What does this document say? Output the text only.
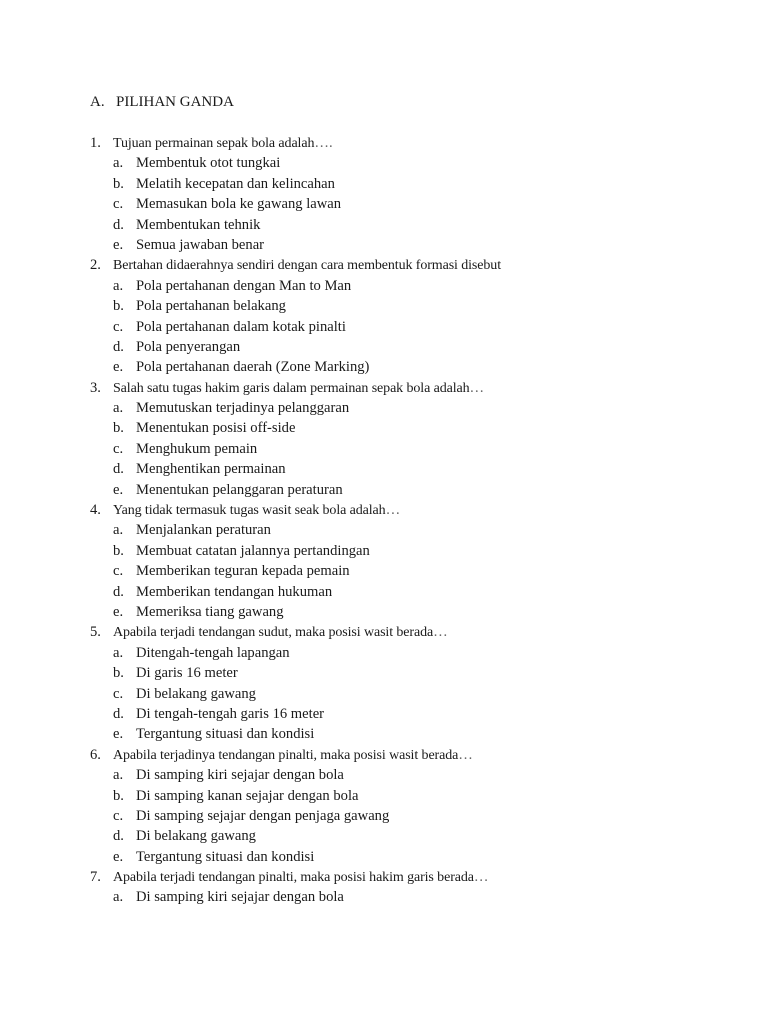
A. PILIHAN GANDA
1. Tujuan permainan sepak bola adalah….
a. Membentuk otot tungkai
b. Melatih kecepatan dan kelincahan
c. Memasukan bola ke gawang lawan
d. Membentukan tehnik
e. Semua jawaban benar
2. Bertahan didaerahnya sendiri dengan cara membentuk formasi disebut
a. Pola pertahanan dengan Man to Man
b. Pola pertahanan belakang
c. Pola pertahanan dalam kotak pinalti
d. Pola penyerangan
e. Pola pertahanan daerah (Zone Marking)
3. Salah satu tugas hakim garis dalam permainan sepak bola adalah…
a. Memutuskan terjadinya pelanggaran
b. Menentukan posisi off-side
c. Menghukum pemain
d. Menghentikan permainan
e. Menentukan pelanggaran peraturan
4. Yang tidak termasuk tugas wasit seak bola adalah…
a. Menjalankan peraturan
b. Membuat catatan jalannya pertandingan
c. Memberikan teguran kepada pemain
d. Memberikan tendangan hukuman
e. Memeriksa tiang gawang
5. Apabila terjadi tendangan sudut, maka posisi wasit berada…
a. Ditengah-tengah lapangan
b. Di garis 16 meter
c. Di belakang gawang
d. Di tengah-tengah garis 16 meter
e. Tergantung situasi dan kondisi
6. Apabila terjadinya tendangan pinalti, maka posisi wasit berada…
a. Di samping kiri sejajar dengan bola
b. Di samping kanan sejajar dengan bola
c. Di samping sejajar dengan penjaga gawang
d. Di belakang gawang
e. Tergantung situasi dan kondisi
7. Apabila terjadi tendangan pinalti, maka posisi hakim garis berada…
a. Di samping kiri sejajar dengan bola
